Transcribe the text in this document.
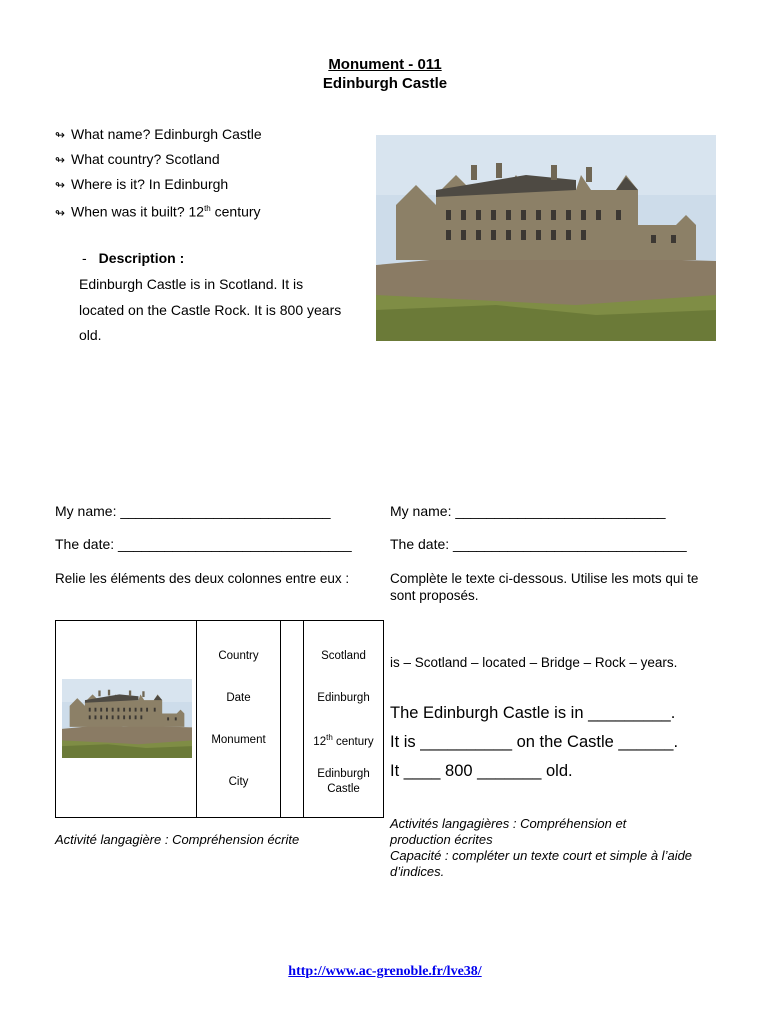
Monument - 011
Edinburgh Castle
↬ What name? Edinburgh Castle
↬ What country? Scotland
↬ Where is it? In Edinburgh
↬ When was it built? 12th century
- Description :
Edinburgh Castle is in Scotland. It is located on the Castle Rock. It is 800 years old.
My name: ___________________________
The date: ______________________________
Relie les éléments des deux colonnes entre eux :

Country
Date
Monument
City

Scotland
Edinburgh
12th century
Edinburgh Castle
Activité langagière : Compréhension écrite
My name: ___________________________
The date: ______________________________
Complète le texte ci-dessous. Utilise les mots qui te sont proposés.
is – Scotland – located – Bridge – Rock – years.
The Edinburgh Castle is in _________.
It is __________ on the Castle ______.
It ____ 800 _______ old.
Activités langagières : Compréhension et production écrites
Capacité : compléter un texte court et simple à l’aide d’indices.
http://www.ac-grenoble.fr/lve38/
